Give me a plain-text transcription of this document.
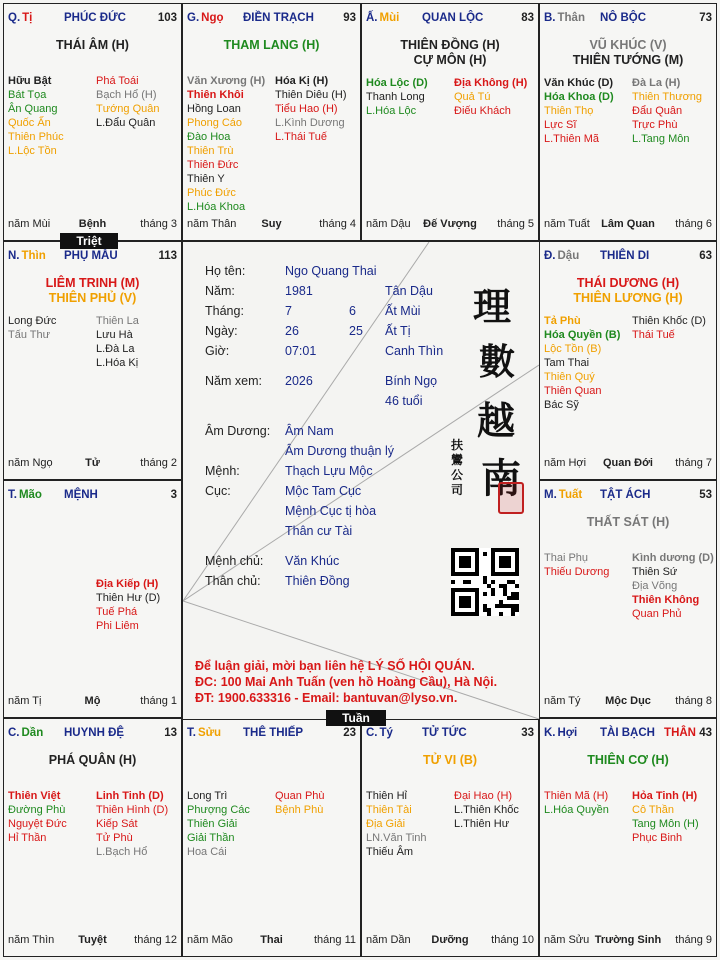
K. Hợi TÀI BẠCH	43
THÂN
THIÊN CƠ (H)
Thiên Mã (H)
L.Hóa Quyền
Hỏa Tinh (H)
Cô Thần
Tang Môn (H)
Phục Binh
Trường Sinh
năm Sửu	tháng 9
C. Tý	TỬ TỨC	33
TỬ VI (B)
Thiên Hỉ
Thiên Tài
Địa Giải
LN.Văn Tinh
Thiếu Âm
Đại Hao (H)
L.Thiên Khốc
L.Thiên Hư
Dưỡng
năm Dần	tháng 10
T. Sửu THÊ THIẾP	23
Long Trì
Phượng Các
Thiên Giải
Giải Thần
Hoa Cái
Quan Phù
Bệnh Phù
Thai
năm Mão	tháng 11
C. Dần HUYNH ĐỆ	13
PHÁ QUÂN (H)
Thiên Việt
Đường Phù
Nguyệt Đức
Hỉ Thần
Linh Tinh (D)
Thiên Hình (D)
Kiếp Sát
Tử Phù
L.Bạch Hổ
Tuyệt
năm Thìn	tháng 12
M. Tuất TẬT ÁCH	53
THẤT SÁT (H)
Thai Phụ
Thiếu Dương
Kình dương (D)
Thiên Sứ
Địa Võng
Thiên Không
Quan Phủ
Mộc Dục
năm Tý	tháng 8
T. Mão MỆNH	3
Địa Kiếp (H)
Thiên Hư (D)
Tuế Phá
Phi Liêm
Mộ
năm Tị	tháng 1
Đ. Dậu THIÊN DI	63
THÁI DƯƠNG (H)
THIÊN LƯƠNG (H)
Tả Phù
Hóa Quyền (B)
Lộc Tồn (B)
Tam Thai
Thiên Quý
Thiên Quan
Bác Sỹ
Thiên Khốc (D)
Thái Tuế
Quan Đới
năm Hợi	tháng 7
N. Thìn PHỤ MẪU	113
LIÊM TRINH (M)
THIÊN PHỦ (V)
Long Đức
Tấu Thư
Thiên La
Lưu Hà
L.Đà La
L.Hóa Kị
Tử
năm Ngọ	tháng 2
B. Thân NÔ BỘC	73
VŨ KHÚC (V)
THIÊN TƯỚNG (M)
Văn Khúc (D)
Hóa Khoa (D)
Thiên Thọ
Lực Sĩ
L.Thiên Mã
Đà La (H)
Thiên Thương
Đẩu Quân
Trực Phù
L.Tang Môn
Lâm Quan
năm Tuất	tháng 6
Ấ. Mùi QUAN LỘC	83
THIÊN ĐỒNG (H)
CỰ MÔN (H)
Hóa Lộc (D)
Thanh Long
L.Hóa Lộc
Địa Không (H)
Quả Tú
Điếu Khách
Đế Vượng
năm Dậu	tháng 5
G. Ngọ ĐIỀN TRẠCH	93
THAM LANG (H)
Văn Xương (H)
Thiên Khôi
Hồng Loan
Phong Cáo
Đào Hoa
Thiên Trù
Thiên Đức
Thiên Y
Phúc Đức
L.Hóa Khoa
Hóa Kị (H)
Thiên Diêu (H)
Tiểu Hao (H)
L.Kình Dương
L.Thái Tuế
Suy
năm Thân	tháng 4
Q. Tị	PHÚC ĐỨC	103
THÁI ÂM (H)
Hữu Bật
Bát Tọa
Ân Quang
Quốc Ấn
Thiên Phúc
L.Lộc Tồn
Phá Toái
Bạch Hổ (H)
Tướng Quân
L.Đẩu Quân
Bệnh
năm Mùi	tháng 3
Họ tên:	Ngo Quang Thai
Năm:	1981	Tân Dậu
Tháng:	7	6 Ất Mùi
Ngày:	26	25 Ất Tị
Giờ:	07:01	Canh Thìn
Năm xem: 2026	Bính Ngọ
46 tuổi
Âm Dương: Âm Nam
Âm Dương thuận lý
Mệnh:	Thạch Lựu Mộc
Cục:	Mộc Tam Cục
Mệnh Cục tị hòa
Thân cư Tài
Mệnh chủ: Văn Khúc
Thân chủ: Thiên Đồng
理
數
越
南
扶鸞公司
Để luận giải, mời bạn liên hệ LÝ SỐ HỘI QUÁN.
ĐC: 100 Mai Anh Tuấn (ven hồ Hoàng Cầu), Hà Nội.
ĐT: 1900.633316 - Email: bantuvan@lyso.vn.
Triệt
Tuần
